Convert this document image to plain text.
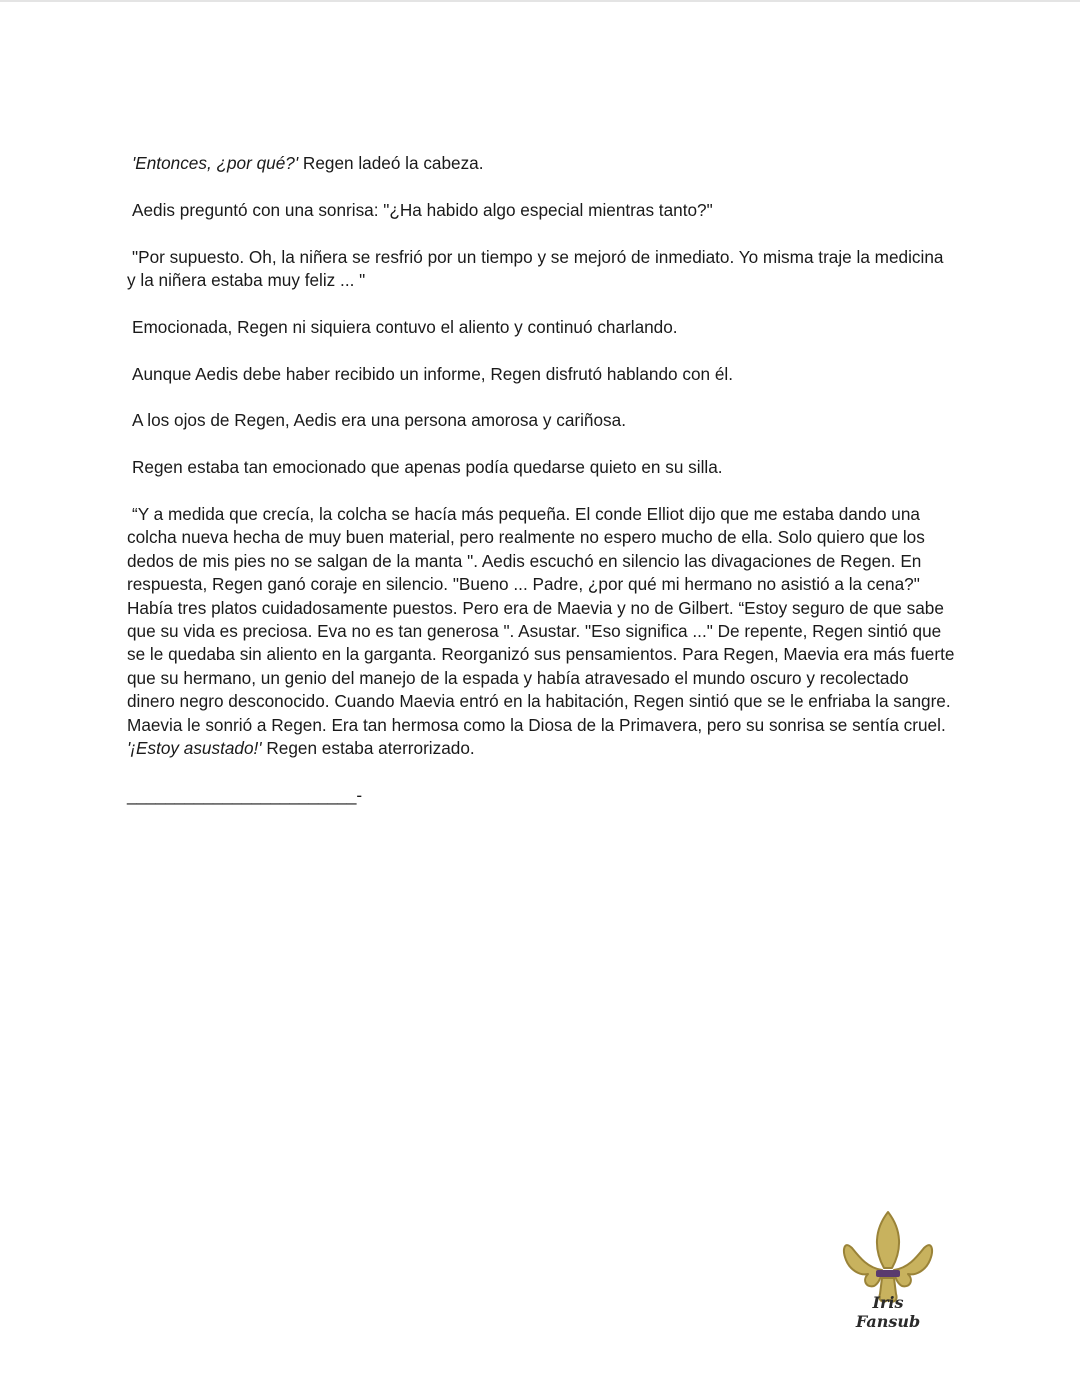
'Entonces, ¿por qué?' Regen ladeó la cabeza.

Aedis preguntó con una sonrisa: "¿Ha habido algo especial mientras tanto?"

"Por supuesto. Oh, la niñera se resfrió por un tiempo y se mejoró de inmediato. Yo misma traje la medicina y la niñera estaba muy feliz ... "

Emocionada, Regen ni siquiera contuvo el aliento y continuó charlando.

Aunque Aedis debe haber recibido un informe, Regen disfrutó hablando con él.

A los ojos de Regen, Aedis era una persona amorosa y cariñosa.

Regen estaba tan emocionado que apenas podía quedarse quieto en su silla.

“Y a medida que crecía, la colcha se hacía más pequeña. El conde Elliot dijo que me estaba dando una colcha nueva hecha de muy buen material, pero realmente no espero mucho de ella. Solo quiero que los dedos de mis pies no se salgan de la manta ". Aedis escuchó en silencio las divagaciones de Regen. En respuesta, Regen ganó coraje en silencio. "Bueno ... Padre, ¿por qué mi hermano no asistió a la cena?" Había tres platos cuidadosamente puestos. Pero era de Maevia y no de Gilbert. “Estoy seguro de que sabe que su vida es preciosa. Eva no es tan generosa ". Asustar. "Eso significa ..." De repente, Regen sintió que se le quedaba sin aliento en la garganta. Reorganizó sus pensamientos. Para Regen, Maevia era más fuerte que su hermano, un genio del manejo de la espada y había atravesado el mundo oscuro y recolectado dinero negro desconocido. Cuando Maevia entró en la habitación, Regen sintió que se le enfriaba la sangre. Maevia le sonrió a Regen. Era tan hermosa como la Diosa de la Primavera, pero su sonrisa se sentía cruel. '¡Estoy asustado!' Regen estaba aterrorizado.

________________________-
Iris Fansub
